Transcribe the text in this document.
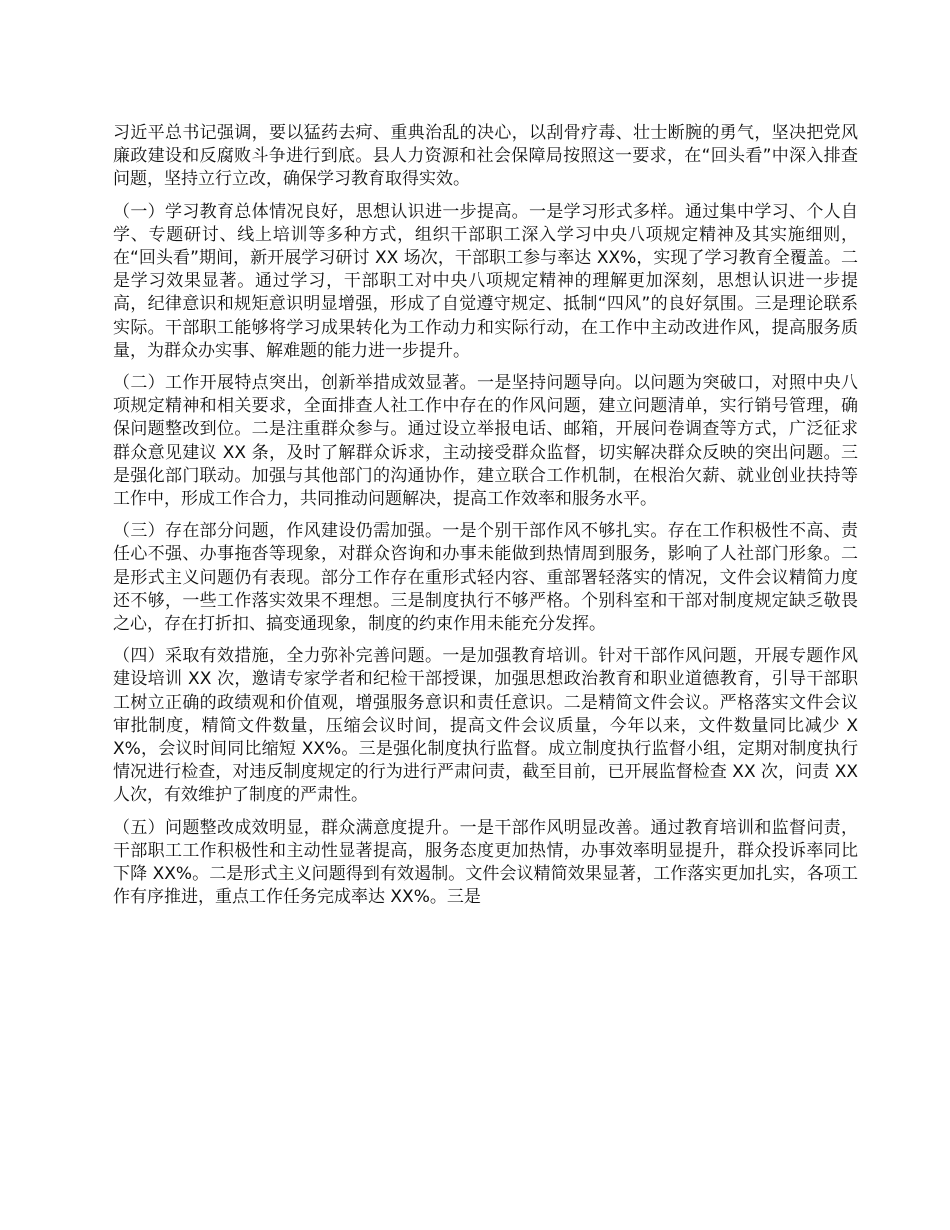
习近平总书记强调，要以猛药去疴、重典治乱的决心，以刮骨疗毒、壮士断腕的勇气，坚决把党风廉政建设和反腐败斗争进行到底。县人力资源和社会保障局按照这一要求，在“回头看”中深入排查问题，坚持立行立改，确保学习教育取得实效。

（一）学习教育总体情况良好，思想认识进一步提高。一是学习形式多样。通过集中学习、个人自学、专题研讨、线上培训等多种方式，组织干部职工深入学习中央八项规定精神及其实施细则，在“回头看”期间，新开展学习研讨 XX 场次，干部职工参与率达 XX%，实现了学习教育全覆盖。二是学习效果显著。通过学习，干部职工对中央八项规定精神的理解更加深刻，思想认识进一步提高，纪律意识和规矩意识明显增强，形成了自觉遵守规定、抵制“四风”的良好氛围。三是理论联系实际。干部职工能够将学习成果转化为工作动力和实际行动，在工作中主动改进作风，提高服务质量，为群众办实事、解难题的能力进一步提升。

（二）工作开展特点突出，创新举措成效显著。一是坚持问题导向。以问题为突破口，对照中央八项规定精神和相关要求，全面排查人社工作中存在的作风问题，建立问题清单，实行销号管理，确保问题整改到位。二是注重群众参与。通过设立举报电话、邮箱，开展问卷调查等方式，广泛征求群众意见建议 XX 条，及时了解群众诉求，主动接受群众监督，切实解决群众反映的突出问题。三是强化部门联动。加强与其他部门的沟通协作，建立联合工作机制，在根治欠薪、就业创业扶持等工作中，形成工作合力，共同推动问题解决，提高工作效率和服务水平。

（三）存在部分问题，作风建设仍需加强。一是个别干部作风不够扎实。存在工作积极性不高、责任心不强、办事拖沓等现象，对群众咨询和办事未能做到热情周到服务，影响了人社部门形象。二是形式主义问题仍有表现。部分工作存在重形式轻内容、重部署轻落实的情况，文件会议精简力度还不够，一些工作落实效果不理想。三是制度执行不够严格。个别科室和干部对制度规定缺乏敬畏之心，存在打折扣、搞变通现象，制度的约束作用未能充分发挥。

（四）采取有效措施，全力弥补完善问题。一是加强教育培训。针对干部作风问题，开展专题作风建设培训 XX 次，邀请专家学者和纪检干部授课，加强思想政治教育和职业道德教育，引导干部职工树立正确的政绩观和价值观，增强服务意识和责任意识。二是精简文件会议。严格落实文件会议审批制度，精简文件数量，压缩会议时间，提高文件会议质量，今年以来，文件数量同比减少 XX%，会议时间同比缩短 XX%。三是强化制度执行监督。成立制度执行监督小组，定期对制度执行情况进行检查，对违反制度规定的行为进行严肃问责，截至目前，已开展监督检查 XX 次，问责 XX 人次，有效维护了制度的严肃性。

（五）问题整改成效明显，群众满意度提升。一是干部作风明显改善。通过教育培训和监督问责，干部职工工作积极性和主动性显著提高，服务态度更加热情，办事效率明显提升，群众投诉率同比下降 XX%。二是形式主义问题得到有效遏制。文件会议精简效果显著，工作落实更加扎实，各项工作有序推进，重点工作任务完成率达 XX%。三是
